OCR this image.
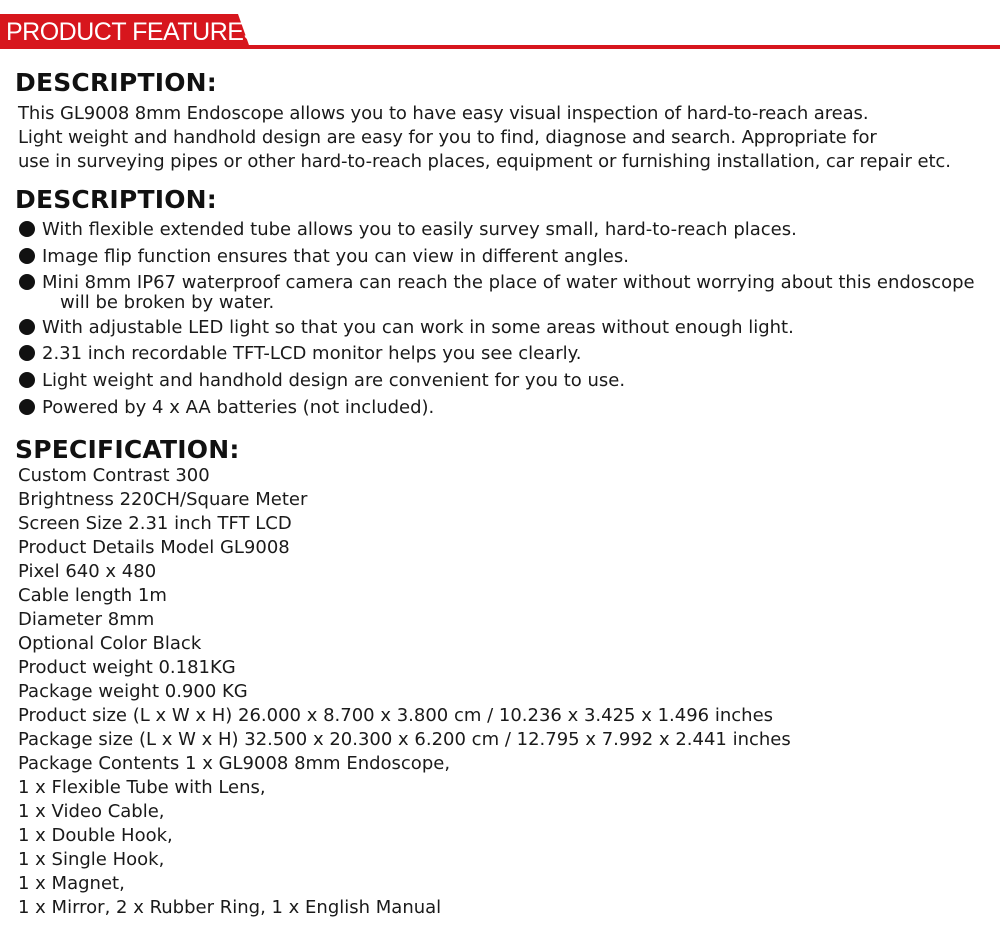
PRODUCT FEATURES
DESCRIPTION:
This GL9008 8mm Endoscope allows you to have easy visual inspection of hard-to-reach areas.
Light weight and handhold design are easy for you to find, diagnose and search. Appropriate for
use in surveying pipes or other hard-to-reach places, equipment or furnishing installation, car repair etc.
DESCRIPTION:
With flexible extended tube allows you to easily survey small, hard-to-reach places.
Image flip function ensures that you can view in different angles.
Mini 8mm IP67 waterproof camera can reach the place of water without worrying about this endoscope
will be broken by water.
With adjustable LED light so that you can work in some areas without enough light.
2.31 inch recordable TFT-LCD monitor helps you see clearly.
Light weight and handhold design are convenient for you to use.
Powered by 4 x AA batteries (not included).
SPECIFICATION:
Custom Contrast 300
Brightness 220CH/Square Meter
Screen Size 2.31 inch TFT LCD
Product Details Model GL9008
Pixel 640 x 480
Cable length 1m
Diameter 8mm
Optional Color Black
Product weight 0.181KG
Package weight 0.900 KG
Product size (L x W x H) 26.000 x 8.700 x 3.800 cm / 10.236 x 3.425 x 1.496 inches
Package size (L x W x H) 32.500 x 20.300 x 6.200 cm / 12.795 x 7.992 x 2.441 inches
Package Contents 1 x GL9008 8mm Endoscope,
1 x Flexible Tube with Lens,
1 x Video Cable,
1 x Double Hook,
1 x Single Hook,
1 x Magnet,
1 x Mirror, 2 x Rubber Ring, 1 x English Manual
